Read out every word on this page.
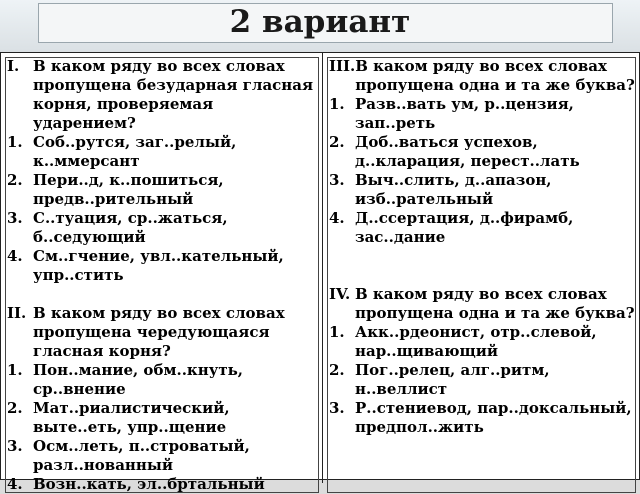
2 вариант
I. В каком ряду во всех словах пропущена безударная гласная корня, проверяемая ударением?
1. Соб..рутся, заг..релый, к..ммерсант
2. Пери..д, к..пошиться, предв..рительный
3. С..туация, ср..жаться, б..седующий
4. См..гчение, увл..кательный, упр..стить
II. В каком ряду во всех словах пропущена чередующаяся гласная корня?
1. Пон..мание, обм..кнуть, ср..внение
2. Мат..риалистический, выте..еть, упр..щение
3. Осм..леть, п..строватый, разл..нованный
4. Возн..кать, эл..бртальный
III. В каком ряду во всех словах пропущена одна и та же буква?
1. Разв..вать ум, р..цензия, зап..реть
2. Доб..ваться успехов, д..кларация, перест..лать
3. Выч..слить, д..апазон, изб..рательный
4. Д..ссертация, д..фирамб, зас..дание
IV. В каком ряду во всех словах пропущена одна и та же буква?
1. Акк..рдеонист, отр..слевой, нар..щивающий
2. Пог..релец, алг..ритм, н..веллист
3. Р..стениевод, пар..доксальный, предпол..жить
